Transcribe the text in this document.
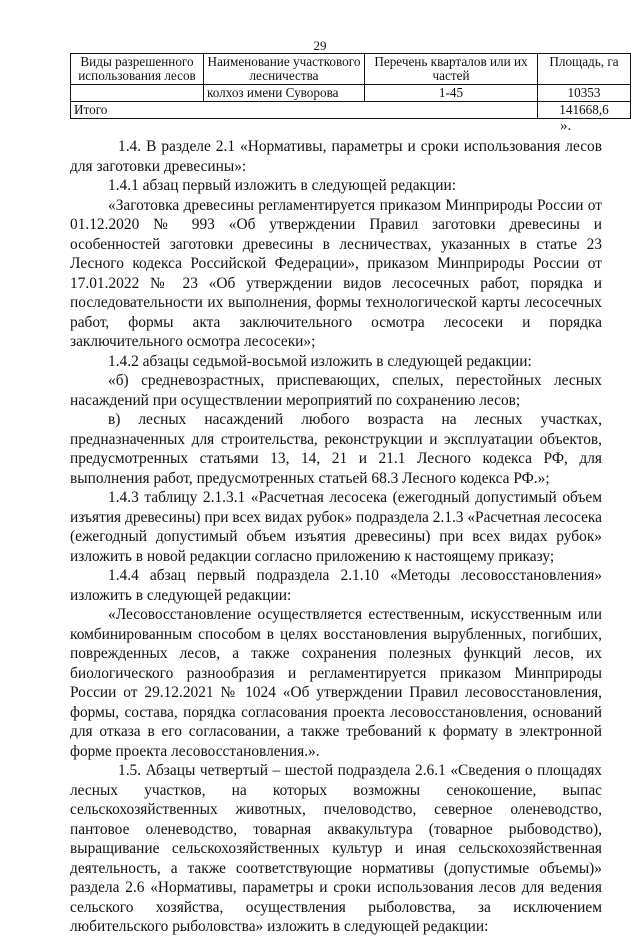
29
Виды разрешенного использования лесов	Наименование участкового лесничества	Перечень кварталов или их частей	Площадь, га
	колхоз имени Суворова	1-45	10353
Итого			141668,6
».

1.4. В разделе 2.1 «Нормативы, параметры и сроки использования лесов для заготовки древесины»:

1.4.1 абзац первый изложить в следующей редакции:

«Заготовка древесины регламентируется приказом Минприроды России от 01.12.2020 № 993 «Об утверждении Правил заготовки древесины и особенностей заготовки древесины в лесничествах, указанных в статье 23 Лесного кодекса Российской Федерации», приказом Минприроды России от 17.01.2022 № 23 «Об утверждении видов лесосечных работ, порядка и последовательности их выполнения, формы технологической карты лесосечных работ, формы акта заключительного осмотра лесосеки и порядка заключительного осмотра лесосеки»;

1.4.2 абзацы седьмой-восьмой изложить в следующей редакции:

«б) средневозрастных, приспевающих, спелых, перестойных лесных насаждений при осуществлении мероприятий по сохранению лесов;

в) лесных насаждений любого возраста на лесных участках, предназначенных для строительства, реконструкции и эксплуатации объектов, предусмотренных статьями 13, 14, 21 и 21.1 Лесного кодекса РФ, для выполнения работ, предусмотренных статьей 68.3 Лесного кодекса РФ.»;

1.4.3 таблицу 2.1.3.1 «Расчетная лесосека (ежегодный допустимый объем изъятия древесины) при всех видах рубок» подраздела 2.1.3 «Расчетная лесосека (ежегодный допустимый объем изъятия древесины) при всех видах рубок» изложить в новой редакции согласно приложению к настоящему приказу;

1.4.4 абзац первый подраздела 2.1.10 «Методы лесовосстановления» изложить в следующей редакции:

«Лесовосстановление осуществляется естественным, искусственным или комбинированным способом в целях восстановления вырубленных, погибших, поврежденных лесов, а также сохранения полезных функций лесов, их биологического разнообразия и регламентируется приказом Минприроды России от 29.12.2021 № 1024 «Об утверждении Правил лесовосстановления, формы, состава, порядка согласования проекта лесовосстановления, оснований для отказа в его согласовании, а также требований к формату в электронной форме проекта лесовосстановления.».

1.5. Абзацы четвертый – шестой подраздела 2.6.1 «Сведения о площадях лесных участков, на которых возможны сенокошение, выпас сельскохозяйственных животных, пчеловодство, северное оленеводство, пантовое оленеводство, товарная аквакультура (товарное рыбоводство), выращивание сельскохозяйственных культур и иная сельскохозяйственная деятельность, а также соответствующие нормативы (допустимые объемы)» раздела 2.6 «Нормативы, параметры и сроки использования лесов для ведения сельского хозяйства, осуществления рыболовства, за исключением любительского рыболовства» изложить в следующей редакции:
